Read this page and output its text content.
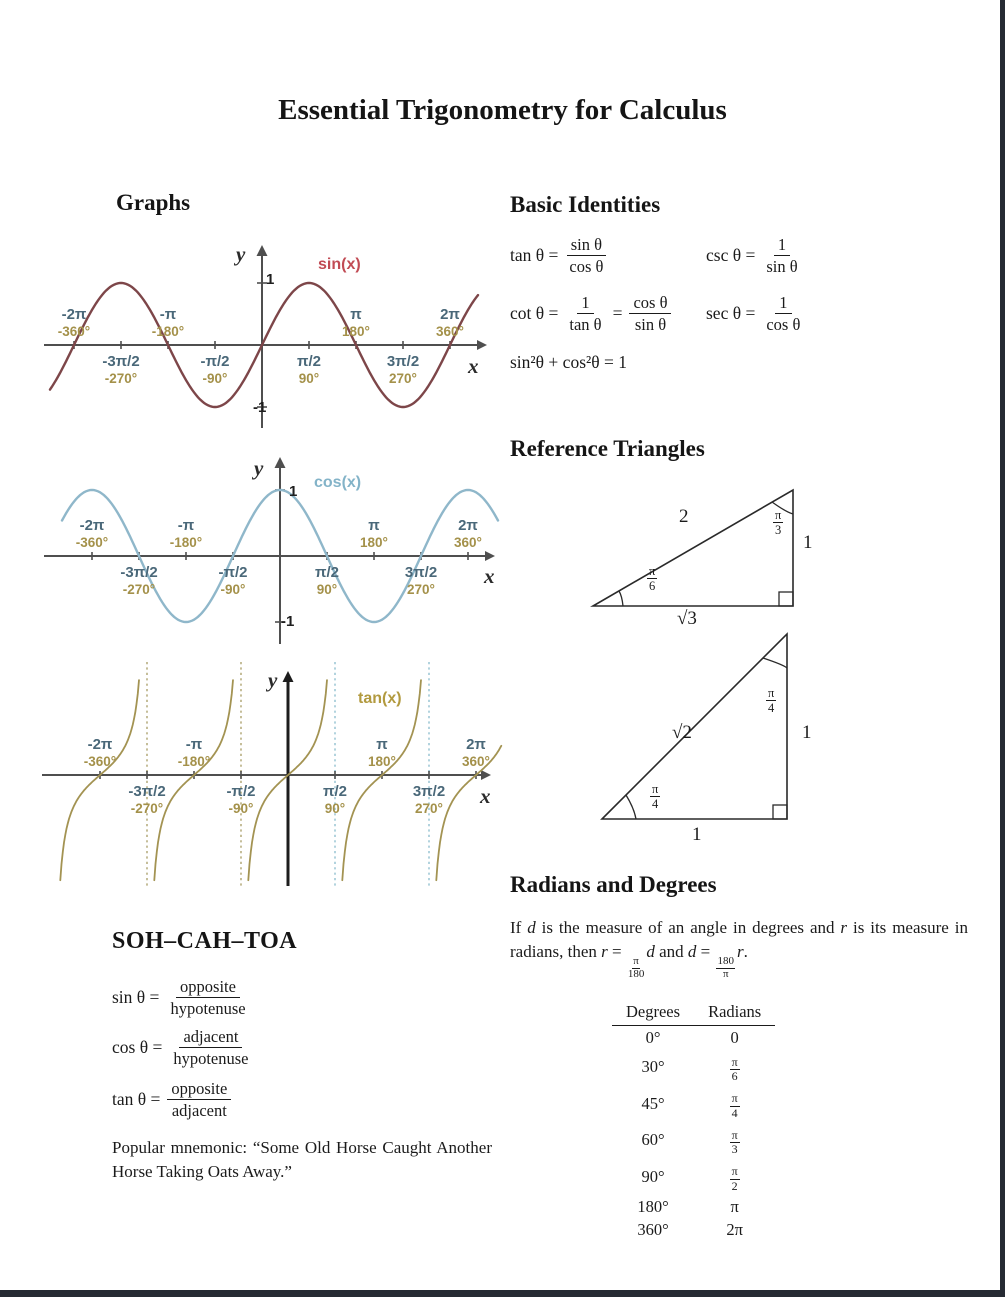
Essential Trigonometry for Calculus
Graphs
-2π
-360°
-3π/2
-270°
-π
-180°
-π/2
-90°
π/2
90°
π
180°
3π/2
270°
2π
360°
sin(x)
y
x
1
-1
-2π
-360°
-3π/2
-270°
-π
-180°
-π/2
-90°
π/2
90°
π
180°
3π/2
270°
2π
360°
cos(x)
y
x
1
-1
-2π
-360°
-3π/2
-270°
-π
-180°
-π/2
-90°
π/2
90°
π
180°
3π/2
270°
2π
360°
tan(x)
y
x
Basic Identities
$\tan \theta = \frac{\text{sin θ}}{\text{cos θ}}$	$\csc \theta = \frac{1}{\text{sin θ}}$
$\cot \theta = \frac{1}{\text{tan θ}} = \frac{\text{cos θ}}{\text{sin θ}}$ $\sec \theta = \frac{1}{\text{cos θ}}$
sin²θ + cos²θ = 1
Reference Triangles
2
1
√3
π
6
π
3
√2	1
1
π
4
π
4
Radians and Degrees
If d is the measure of an angle in degrees and r is its measure in radians, then r =
$\frac{\pi}{180}$
d and d =
$\frac{180}{\pi}$
r.
Degrees	Radians
0°	0
30°	$\frac{\pi}{6}$

45°	$\frac{\pi}{4}$

60°	$\frac{\pi}{3}$

90°	$\frac{\pi}{2}$

180°	π
360°	2π
SOH–CAH–TOA
$\sin \theta = \frac{\text{opposite}}{\text{hypotenuse}}$
$\cos \theta = \frac{\text{adjacent}}{\text{hypotenuse}}$
$\tan \theta = \frac{\text{opposite}}{\text{adjacent}}$
Popular mnemonic: “Some Old Horse Caught Another Horse Taking Oats Away.”
